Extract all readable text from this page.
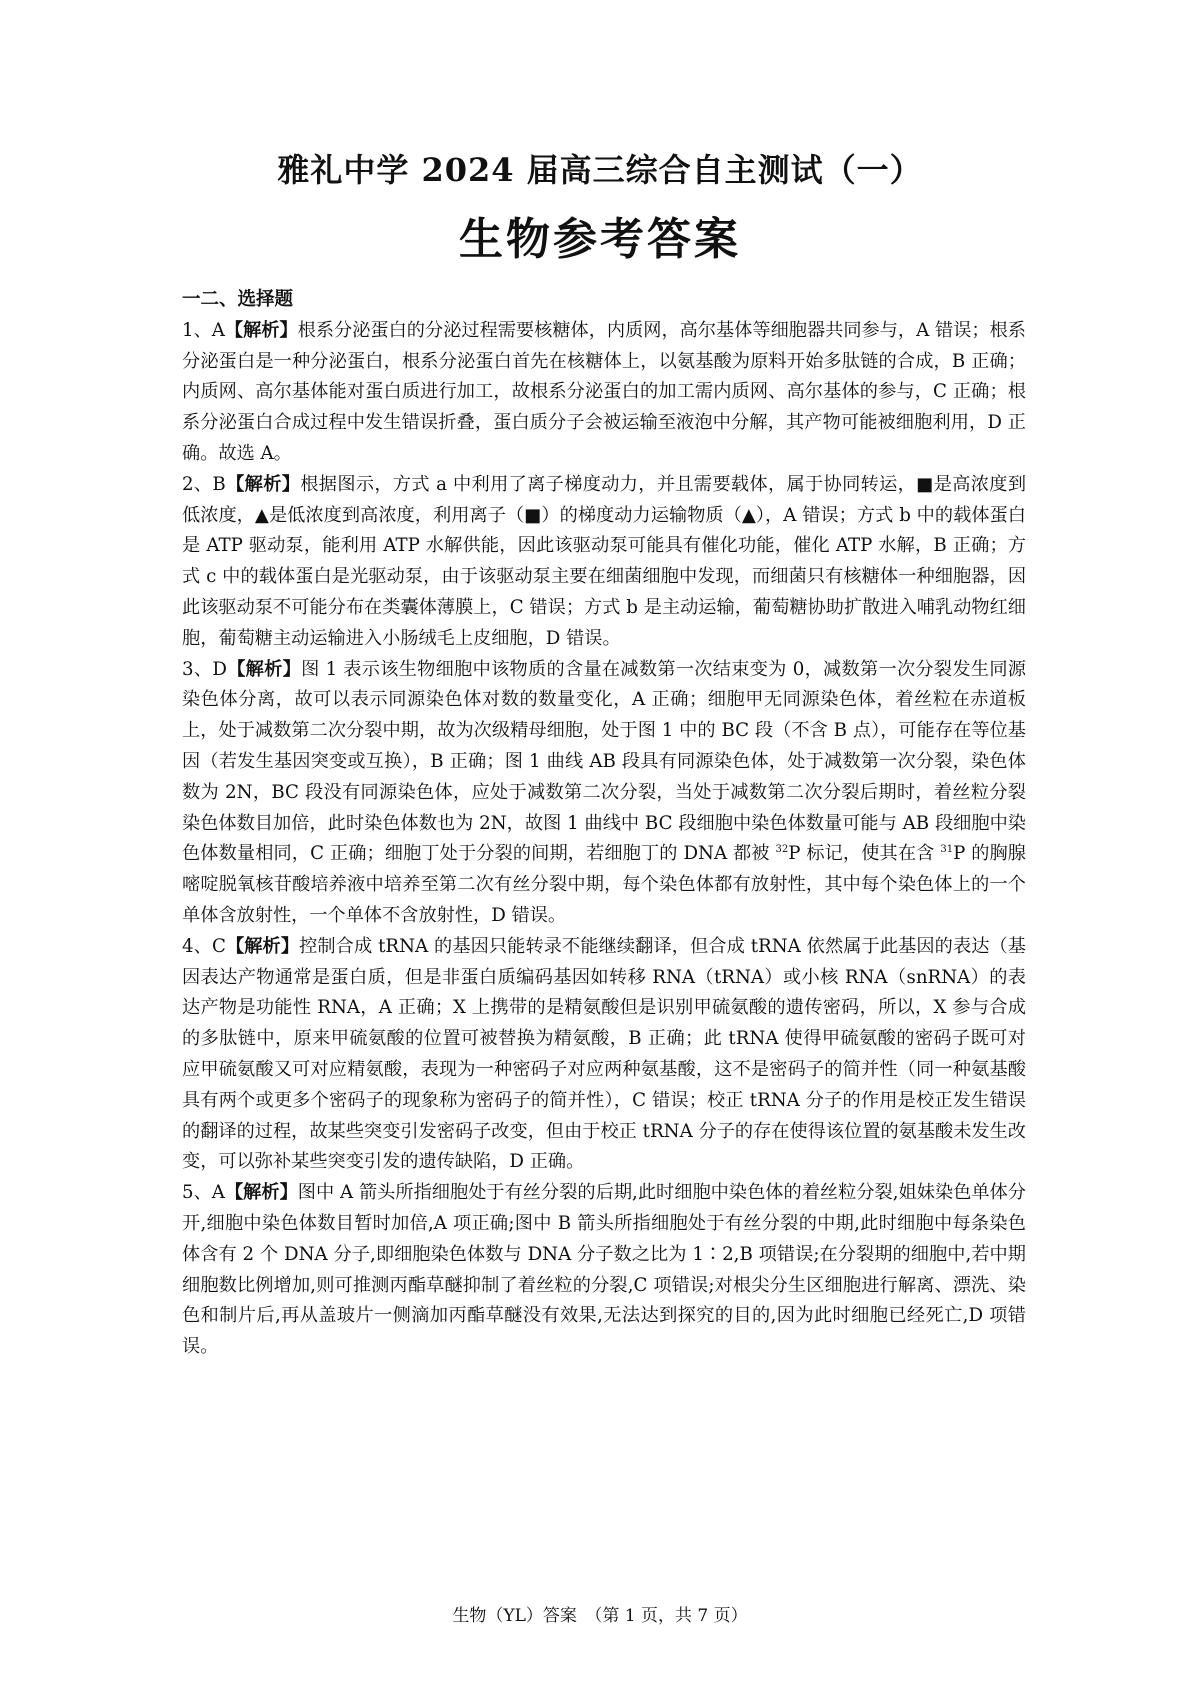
雅礼中学 2024 届高三综合自主测试（一）
生物参考答案
一二、选择题

1、A【解析】根系分泌蛋白的分泌过程需要核糖体，内质网，高尔基体等细胞器共同参与，A 错误；根系分泌蛋白是一种分泌蛋白，根系分泌蛋白首先在核糖体上，以氨基酸为原料开始多肽链的合成，B 正确；内质网、高尔基体能对蛋白质进行加工，故根系分泌蛋白的加工需内质网、高尔基体的参与，C 正确；根系分泌蛋白合成过程中发生错误折叠，蛋白质分子会被运输至液泡中分解，其产物可能被细胞利用，D 正确。故选 A。

2、B【解析】根据图示，方式 a 中利用了离子梯度动力，并且需要载体，属于协同转运，■是高浓度到低浓度，▲是低浓度到高浓度，利用离子（■）的梯度动力运输物质（▲），A 错误；方式 b 中的载体蛋白是 ATP 驱动泵，能利用 ATP 水解供能，因此该驱动泵可能具有催化功能，催化 ATP 水解，B 正确；方式 c 中的载体蛋白是光驱动泵，由于该驱动泵主要在细菌细胞中发现，而细菌只有核糖体一种细胞器，因此该驱动泵不可能分布在类囊体薄膜上，C 错误；方式 b 是主动运输，葡萄糖协助扩散进入哺乳动物红细胞，葡萄糖主动运输进入小肠绒毛上皮细胞，D 错误。

3、D【解析】图 1 表示该生物细胞中该物质的含量在减数第一次结束变为 0，减数第一次分裂发生同源染色体分离，故可以表示同源染色体对数的数量变化，A 正确；细胞甲无同源染色体，着丝粒在赤道板上，处于减数第二次分裂中期，故为次级精母细胞，处于图 1 中的 BC 段（不含 B 点），可能存在等位基因（若发生基因突变或互换），B 正确；图 1 曲线 AB 段具有同源染色体，处于减数第一次分裂，染色体数为 2N，BC 段没有同源染色体，应处于减数第二次分裂，当处于减数第二次分裂后期时，着丝粒分裂染色体数目加倍，此时染色体数也为 2N，故图 1 曲线中 BC 段细胞中染色体数量可能与 AB 段细胞中染色体数量相同，C 正确；细胞丁处于分裂的间期，若细胞丁的 DNA 都被 $^{32}$P 标记，使其在含 $^{31}$P 的胸腺嘧啶脱氧核苷酸培养液中培养至第二次有丝分裂中期，每个染色体都有放射性，其中每个染色体上的一个单体含放射性，一个单体不含放射性，D 错误。

4、C【解析】控制合成 tRNA 的基因只能转录不能继续翻译，但合成 tRNA 依然属于此基因的表达（基因表达产物通常是蛋白质，但是非蛋白质编码基因如转移 RNA（tRNA）或小核 RNA（snRNA）的表达产物是功能性 RNA，A 正确；X 上携带的是精氨酸但是识别甲硫氨酸的遗传密码，所以，X 参与合成的多肽链中，原来甲硫氨酸的位置可被替换为精氨酸，B 正确；此 tRNA 使得甲硫氨酸的密码子既可对应甲硫氨酸又可对应精氨酸，表现为一种密码子对应两种氨基酸，这不是密码子的简并性（同一种氨基酸具有两个或更多个密码子的现象称为密码子的简并性），C 错误；校正 tRNA 分子的作用是校正发生错误的翻译的过程，故某些突变引发密码子改变，但由于校正 tRNA 分子的存在使得该位置的氨基酸未发生改变，可以弥补某些突变引发的遗传缺陷，D 正确。

5、A【解析】图中 A 箭头所指细胞处于有丝分裂的后期,此时细胞中染色体的着丝粒分裂,姐妹染色单体分开,细胞中染色体数目暂时加倍,A 项正确;图中 B 箭头所指细胞处于有丝分裂的中期,此时细胞中每条染色体含有 2 个 DNA 分子,即细胞染色体数与 DNA 分子数之比为 1∶2,B 项错误;在分裂期的细胞中,若中期细胞数比例增加,则可推测丙酯草醚抑制了着丝粒的分裂,C 项错误;对根尖分生区细胞进行解离、漂洗、染色和制片后,再从盖玻片一侧滴加丙酯草醚没有效果,无法达到探究的目的,因为此时细胞已经死亡,D 项错误。

生物（YL）答案　（第 1 页，共 7 页）
